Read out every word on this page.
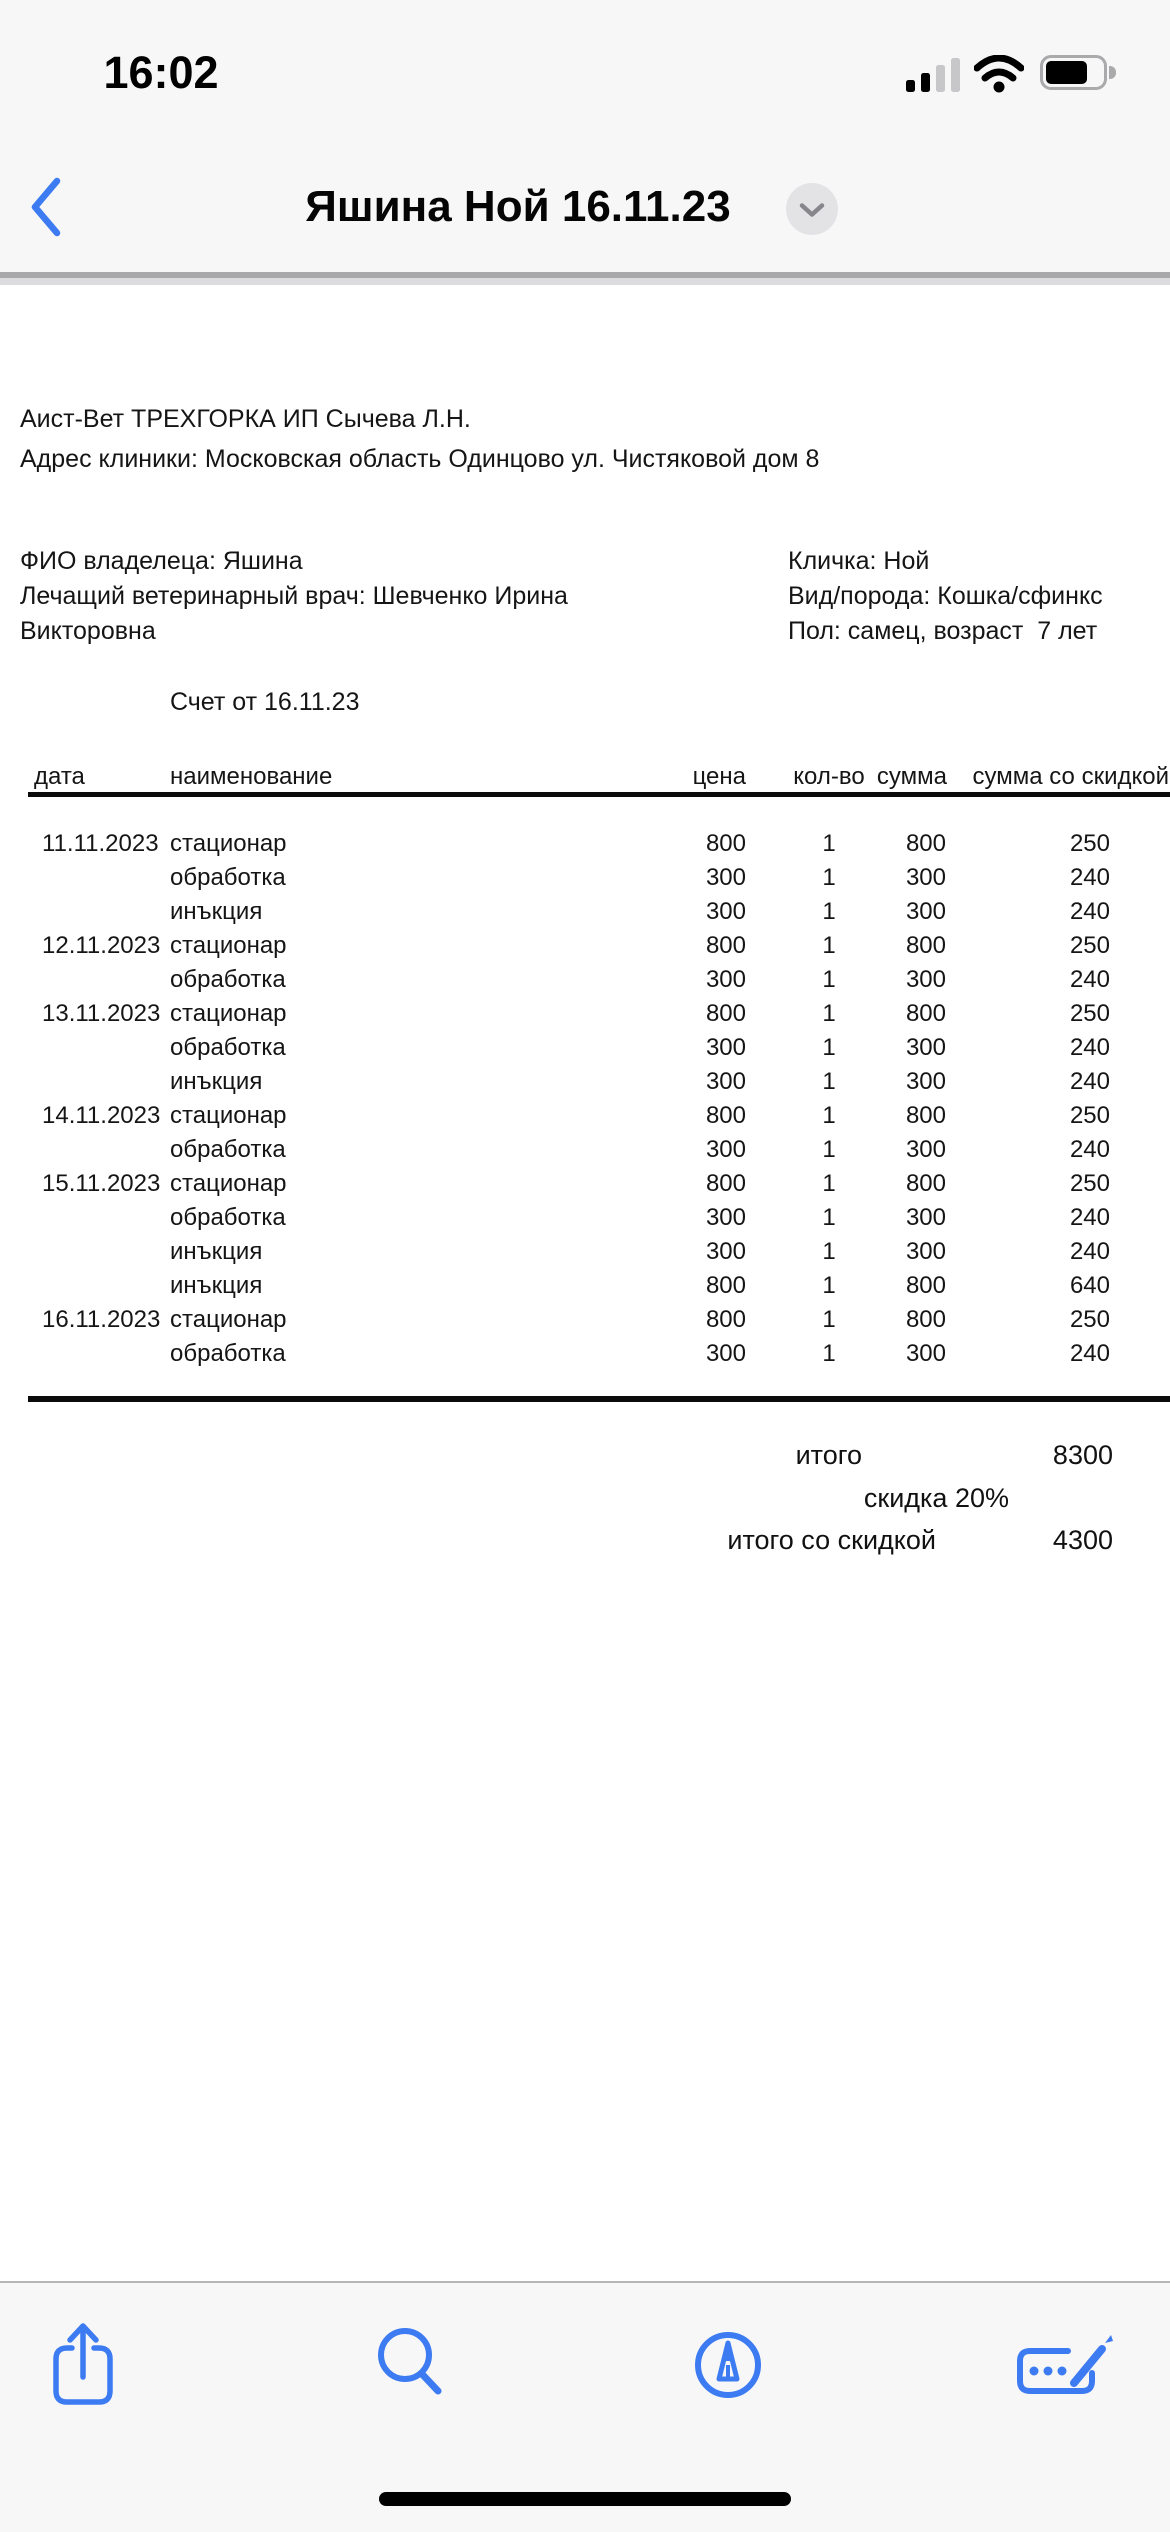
16:02
Яшина Ной 16.11.23
Аист-Вет ТРЕХГОРКА ИП Сычева Л.Н.
Адрес клиники: Московская область Одинцово ул. Чистяковой дом 8
ФИО владелеца: Яшина
Лечащий ветеринарный врач: Шевченко Ирина
Викторовна
Кличка: Ной
Вид/порода: Кошка/сфинкс
Пол: самец, возраст  7 лет
Счет от 16.11.23
дата	наименование	цена	кол-во сумма	сумма со скидкой
11.11.2023 стационар	800	1	800	250
обработка	300	1	300	240
инъкция	300	1	300	240
12.11.2023 стационар	800	1	800	250
обработка	300	1	300	240
13.11.2023 стационар	800	1	800	250
обработка	300	1	300	240
инъкция	300	1	300	240
14.11.2023 стационар	800	1	800	250
обработка	300	1	300	240
15.11.2023 стационар	800	1	800	250
обработка	300	1	300	240
инъкция	300	1	300	240
инъкция	800	1	800	640
16.11.2023 стационар	800	1	800	250
обработка	300	1	300	240
итого	8300
скидка 20%
итого со скидкой	4300
